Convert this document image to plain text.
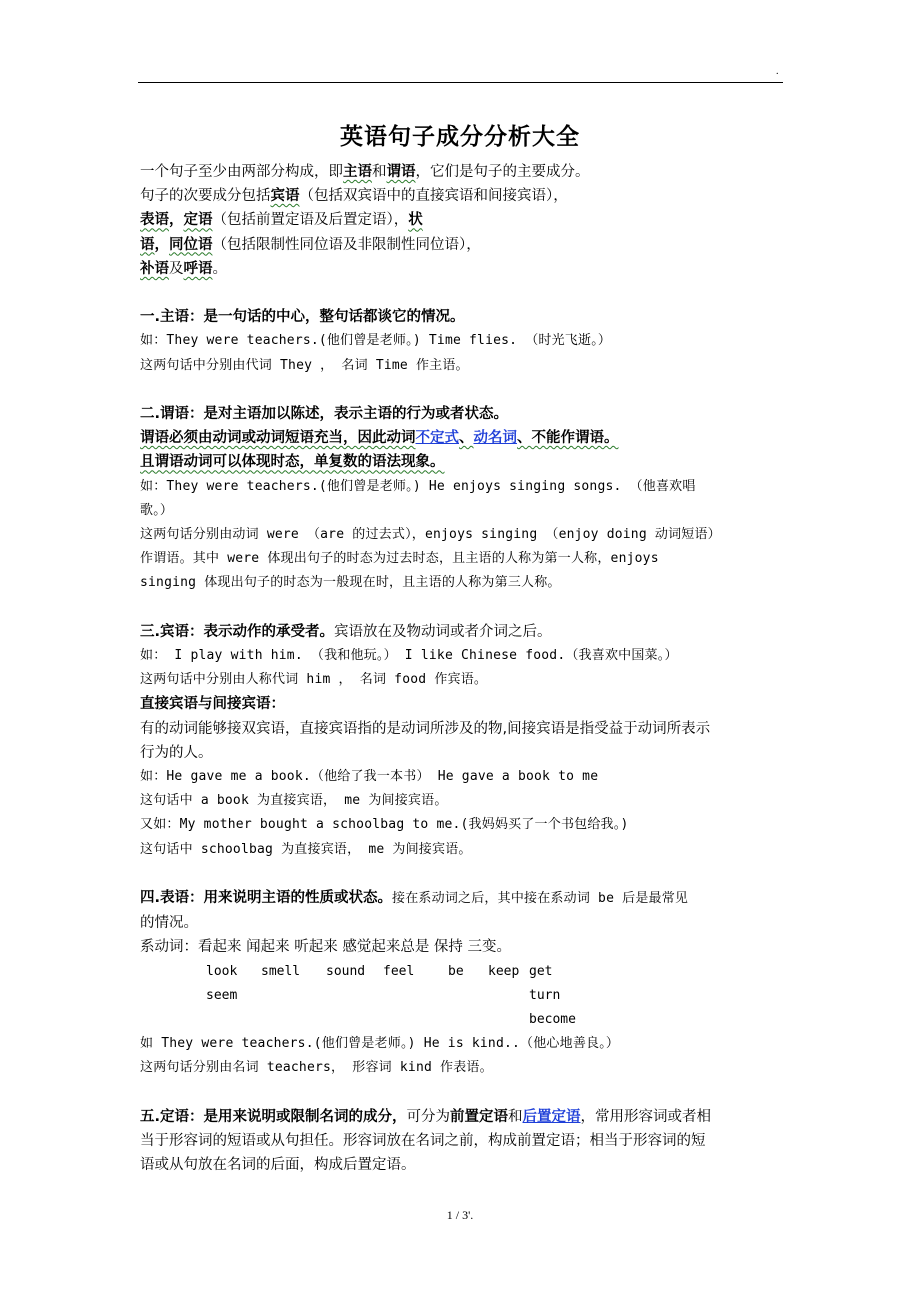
.
英语句子成分分析大全
一个句子至少由两部分构成，即主语和谓语，它们是句子的主要成分。
句子的次要成分包括宾语（包括双宾语中的直接宾语和间接宾语），
表语，定语（包括前置定语及后置定语），状
语，同位语（包括限制性同位语及非限制性同位语），
补语及呼语。
一.主语：是一句话的中心，整句话都谈它的情况。
如：They were teachers.(他们曾是老师。) Time flies. （时光飞逝。）
这两句话中分别由代词 They ， 名词 Time 作主语。
二.谓语：是对主语加以陈述，表示主语的行为或者状态。
谓语必须由动词或动词短语充当，因此动词不定式、动名词、不能作谓语。
且谓语动词可以体现时态，单复数的语法现象。
如：They were teachers.(他们曾是老师。) He enjoys singing songs. （他喜欢唱
歌。）
这两句话分别由动词 were （are 的过去式），enjoys singing （enjoy doing 动词短语）
作谓语。其中 were 体现出句子的时态为过去时态，且主语的人称为第一人称，enjoys
singing 体现出句子的时态为一般现在时，且主语的人称为第三人称。
三.宾语：表示动作的承受者。宾语放在及物动词或者介词之后。
如： I play with him. （我和他玩。） I like Chinese food.（我喜欢中国菜。）
这两句话中分别由人称代词 him ， 名词 food 作宾语。
直接宾语与间接宾语：
有的动词能够接双宾语，直接宾语指的是动词所涉及的物,间接宾语是指受益于动词所表示
行为的人。
如：He gave me a book.（他给了我一本书） He gave a book to me
这句话中 a book 为直接宾语， me 为间接宾语。
又如：My mother bought a schoolbag to me.(我妈妈买了一个书包给我。)
这句话中 schoolbag 为直接宾语， me 为间接宾语。
四.表语：用来说明主语的性质或状态。接在系动词之后，其中接在系动词 be 后是最常见
的情况。
系动词：看起来 闻起来 听起来 感觉起来总是 保持 三变。
look smell sound feel	be keep get
seem	turn
become
如 They were teachers.(他们曾是老师。) He is kind..（他心地善良。）
这两句话分别由名词 teachers， 形容词 kind 作表语。
五.定语：是用来说明或限制名词的成分，可分为前置定语和后置定语，常用形容词或者相
当于形容词的短语或从句担任。形容词放在名词之前，构成前置定语；相当于形容词的短
语或从句放在名词的后面，构成后置定语。
1 / 3'.
